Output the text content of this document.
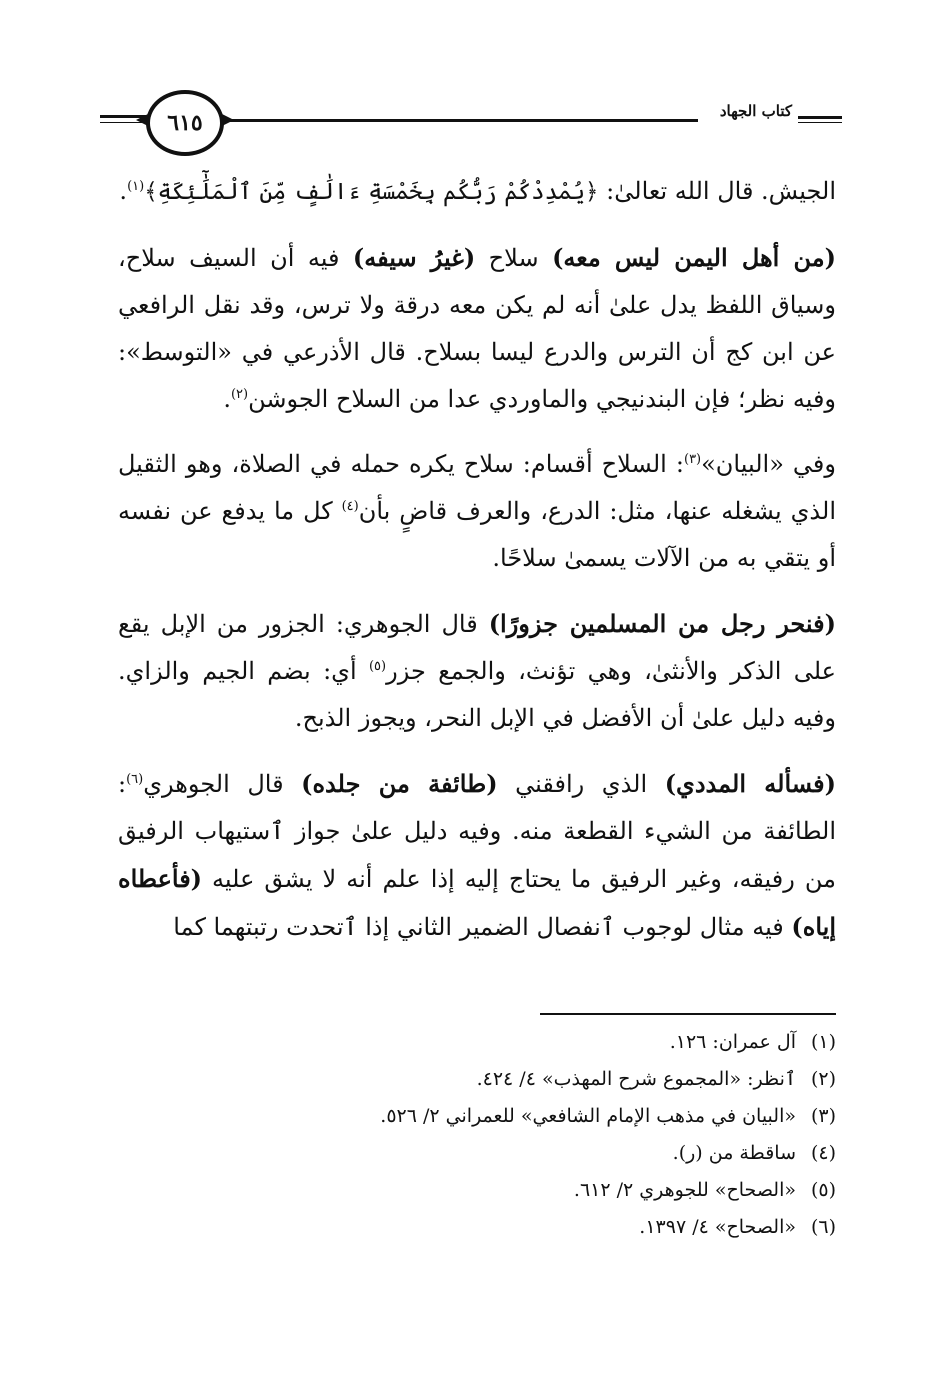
٦١٥	كتاب الجهاد

الجيش. قال الله تعالىٰ: ﴿يُمْدِدْكُمْ رَبُّكُم بِخَمْسَةِ ءَالَٰفٍ مِّنَ ٱلْمَلَٰٓئِكَةِ﴾$^{(١)}$.

(من أهل اليمن ليس معه) سلاح (غيرُ سيفه) فيه أن السيف سلاح، وسياق اللفظ يدل علىٰ أنه لم يكن معه درقة ولا ترس، وقد نقل الرافعي عن ابن كج أن الترس والدرع ليسا بسلاح. قال الأذرعي في «التوسط»: وفيه نظر؛ فإن البندنيجي والماوردي عدا من السلاح الجوشن$^{(٢)}$.

وفي «البيان»$^{(٣)}$: السلاح أقسام: سلاح يكره حمله في الصلاة، وهو الثقيل الذي يشغله عنها، مثل: الدرع، والعرف قاضٍ بأن$^{(٤)}$ كل ما يدفع عن نفسه أو يتقي به من الآلات يسمىٰ سلاحًا.

(فنحر رجل من المسلمين جزورًا) قال الجوهري: الجزور من الإبل يقع على الذكر والأنثىٰ، وهي تؤنث، والجمع جزر$^{(٥)}$ أي: بضم الجيم والزاي. وفيه دليل علىٰ أن الأفضل في الإبل النحر، ويجوز الذبح.

(فسأله المددي) الذي رافقني (طائفة من جلده) قال الجوهري$^{(٦)}$: الطائفة من الشيء القطعة منه. وفيه دليل علىٰ جواز ٱستيهاب الرفيق من رفيقه، وغير الرفيق ما يحتاج إليه إذا علم أنه لا يشق عليه (فأعطاه إياه) فيه مثال لوجوب ٱنفصال الضمير الثاني إذا ٱتحدت رتبتهما كما

(١)
آل عمران: ١٢٦.
(٢)
ٱنظر: «المجموع شرح المهذب» ٤/ ٤٢٤.
(٣)
«البيان في مذهب الإمام الشافعي» للعمراني ٢/ ٥٢٦.
(٤)
ساقطة من (ر).
(٥)
«الصحاح» للجوهري ٢/ ٦١٢.
(٦)
«الصحاح» ٤/ ١٣٩٧.
